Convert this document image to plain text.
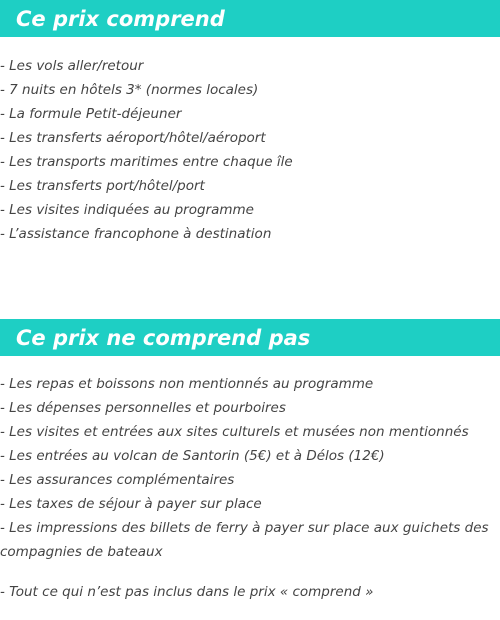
Ce prix comprend
- Les vols aller/retour
- 7 nuits en hôtels 3* (normes locales)
- La formule Petit-déjeuner
- Les transferts aéroport/hôtel/aéroport
- Les transports maritimes entre chaque île
- Les transferts port/hôtel/port
- Les visites indiquées au programme
- L’assistance francophone à destination
Ce prix ne comprend pas
- Les repas et boissons non mentionnés au programme
- Les dépenses personnelles et pourboires
- Les visites et entrées aux sites culturels et musées non mentionnés
- Les entrées au volcan de Santorin (5€) et à Délos (12€)
- Les assurances complémentaires
- Les taxes de séjour à payer sur place
- Les impressions des billets de ferry à payer sur place aux guichets des compagnies de bateaux
- Tout ce qui n’est pas inclus dans le prix « comprend »
